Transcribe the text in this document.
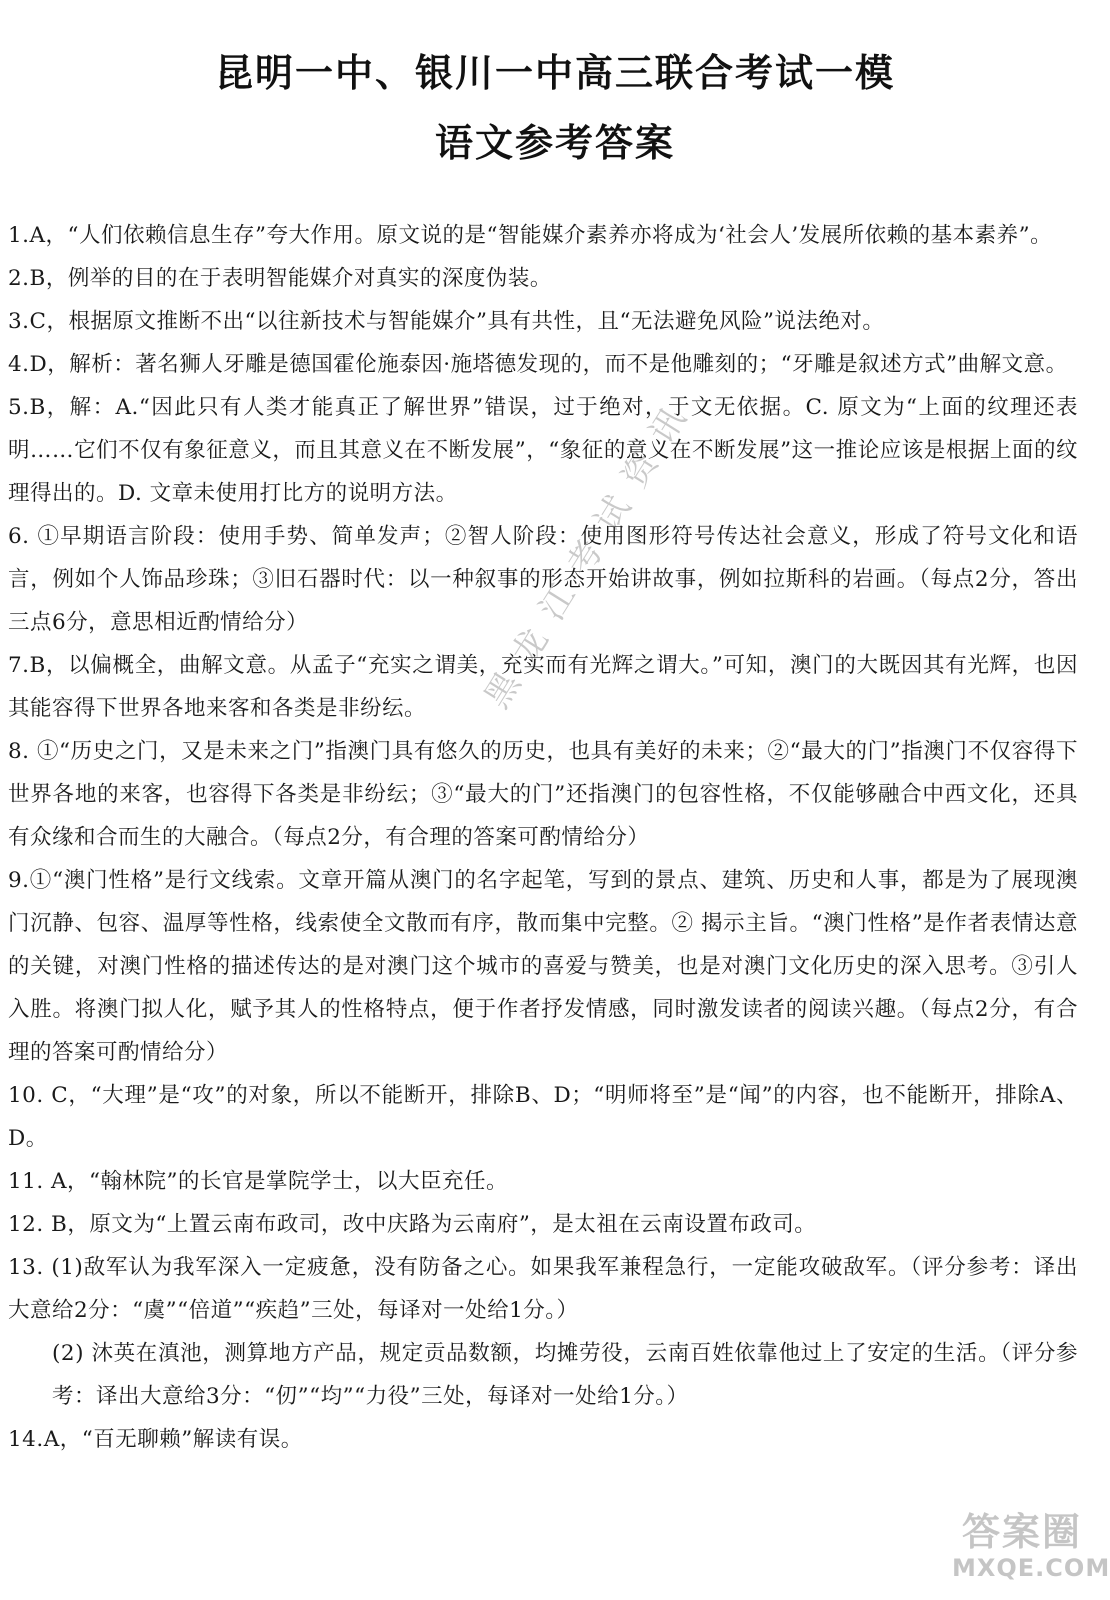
昆明一中、银川一中高三联合考试一模
语文参考答案

1.A，“人们依赖信息生存”夸大作用。原文说的是“智能媒介素养亦将成为‘社会人’发展所依赖的基本素养”。

2.B，例举的目的在于表明智能媒介对真实的深度伪装。

3.C，根据原文推断不出“以往新技术与智能媒介”具有共性，且“无法避免风险”说法绝对。

4.D，解析：著名狮人牙雕是德国霍伦施泰因·施塔德发现的，而不是他雕刻的；“牙雕是叙述方式”曲解文意。

5.B，解：A.“因此只有人类才能真正了解世界”错误，过于绝对，于文无依据。C. 原文为“上面的纹理还表明……它们不仅有象征意义，而且其意义在不断发展”，“象征的意义在不断发展”这一推论应该是根据上面的纹理得出的。D. 文章未使用打比方的说明方法。

6. ①早期语言阶段：使用手势、简单发声；②智人阶段：使用图形符号传达社会意义，形成了符号文化和语言，例如个人饰品珍珠；③旧石器时代：以一种叙事的形态开始讲故事，例如拉斯科的岩画。（每点2分，答出三点6分，意思相近酌情给分）

7.B，以偏概全，曲解文意。从孟子“充实之谓美，充实而有光辉之谓大。”可知，澳门的大既因其有光辉，也因其能容得下世界各地来客和各类是非纷纭。

8. ①“历史之门，又是未来之门”指澳门具有悠久的历史，也具有美好的未来；②“最大的门”指澳门不仅容得下世界各地的来客，也容得下各类是非纷纭；③“最大的门”还指澳门的包容性格，不仅能够融合中西文化，还具有众缘和合而生的大融合。（每点2分，有合理的答案可酌情给分）

9.①“澳门性格”是行文线索。文章开篇从澳门的名字起笔，写到的景点、建筑、历史和人事，都是为了展现澳门沉静、包容、温厚等性格，线索使全文散而有序，散而集中完整。② 揭示主旨。“澳门性格”是作者表情达意的关键，对澳门性格的描述传达的是对澳门这个城市的喜爱与赞美，也是对澳门文化历史的深入思考。③引人入胜。将澳门拟人化，赋予其人的性格特点，便于作者抒发情感，同时激发读者的阅读兴趣。（每点2分，有合理的答案可酌情给分）

10. C，“大理”是“攻”的对象，所以不能断开，排除B、D；“明师将至”是“闻”的内容，也不能断开，排除A、D。

11. A，“翰林院”的长官是掌院学士，以大臣充任。

12. B，原文为“上置云南布政司，改中庆路为云南府”，是太祖在云南设置布政司。

13. (1)敌军认为我军深入一定疲惫，没有防备之心。如果我军兼程急行，一定能攻破敌军。（评分参考：译出大意给2分：“虞”“倍道”“疾趋”三处，每译对一处给1分。）

(2) 沐英在滇池，测算地方产品，规定贡品数额，均摊劳役，云南百姓依靠他过上了安定的生活。（评分参考：译出大意给3分：“仞”“均”“力役”三处，每译对一处给1分。）

14.A，“百无聊赖”解读有误。

黑龙江考试资讯
答案圈
MXQE.COM
